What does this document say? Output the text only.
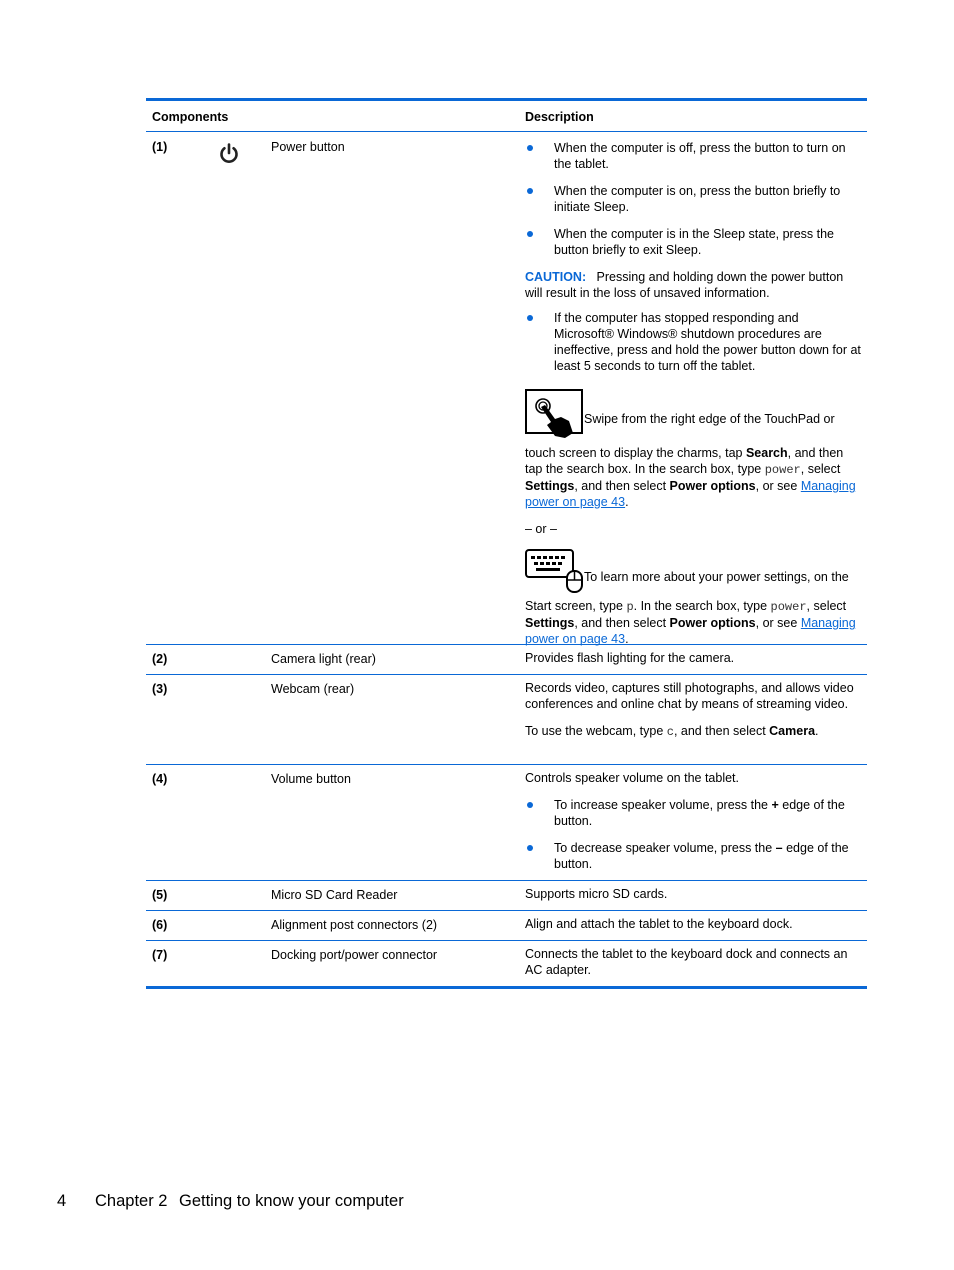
Components	Description
(1)	Power button	When the computer is off, press the button to turn on the tablet.

When the computer is on, press the button briefly to initiate Sleep.

When the computer is in the Sleep state, press the button briefly to exit Sleep.

CAUTION: Pressing and holding down the power button will result in the loss of unsaved information.

If the computer has stopped responding and Microsoft® Windows® shutdown procedures are ineffective, press and hold the power button down for at least 5 seconds to turn off the tablet.

Swipe from the right edge of the TouchPad or

touch screen to display the charms, tap Search, and then tap the search box. In the search box, type power, select Settings, and then select Power options, or see Managing power on page 43.

– or –

To learn more about your power settings, on the

Start screen, type p. In the search box, type power, select Settings, and then select Power options, or see Managing power on page 43.

(2)	Camera light (rear)	Provides flash lighting for the camera.

(3)	Webcam (rear)	Records video, captures still photographs, and allows video conferences and online chat by means of streaming video.

To use the webcam, type c, and then select Camera.

(4)	Volume button	Controls speaker volume on the tablet.

To increase speaker volume, press the + edge of the button.

To decrease speaker volume, press the – edge of the button.

(5)	Micro SD Card Reader	Supports micro SD cards.

(6)	Alignment post connectors (2)	Align and attach the tablet to the keyboard dock.

(7)	Docking port/power connector	Connects the tablet to the keyboard dock and connects an AC adapter.

4 Chapter 2 Getting to know your computer
